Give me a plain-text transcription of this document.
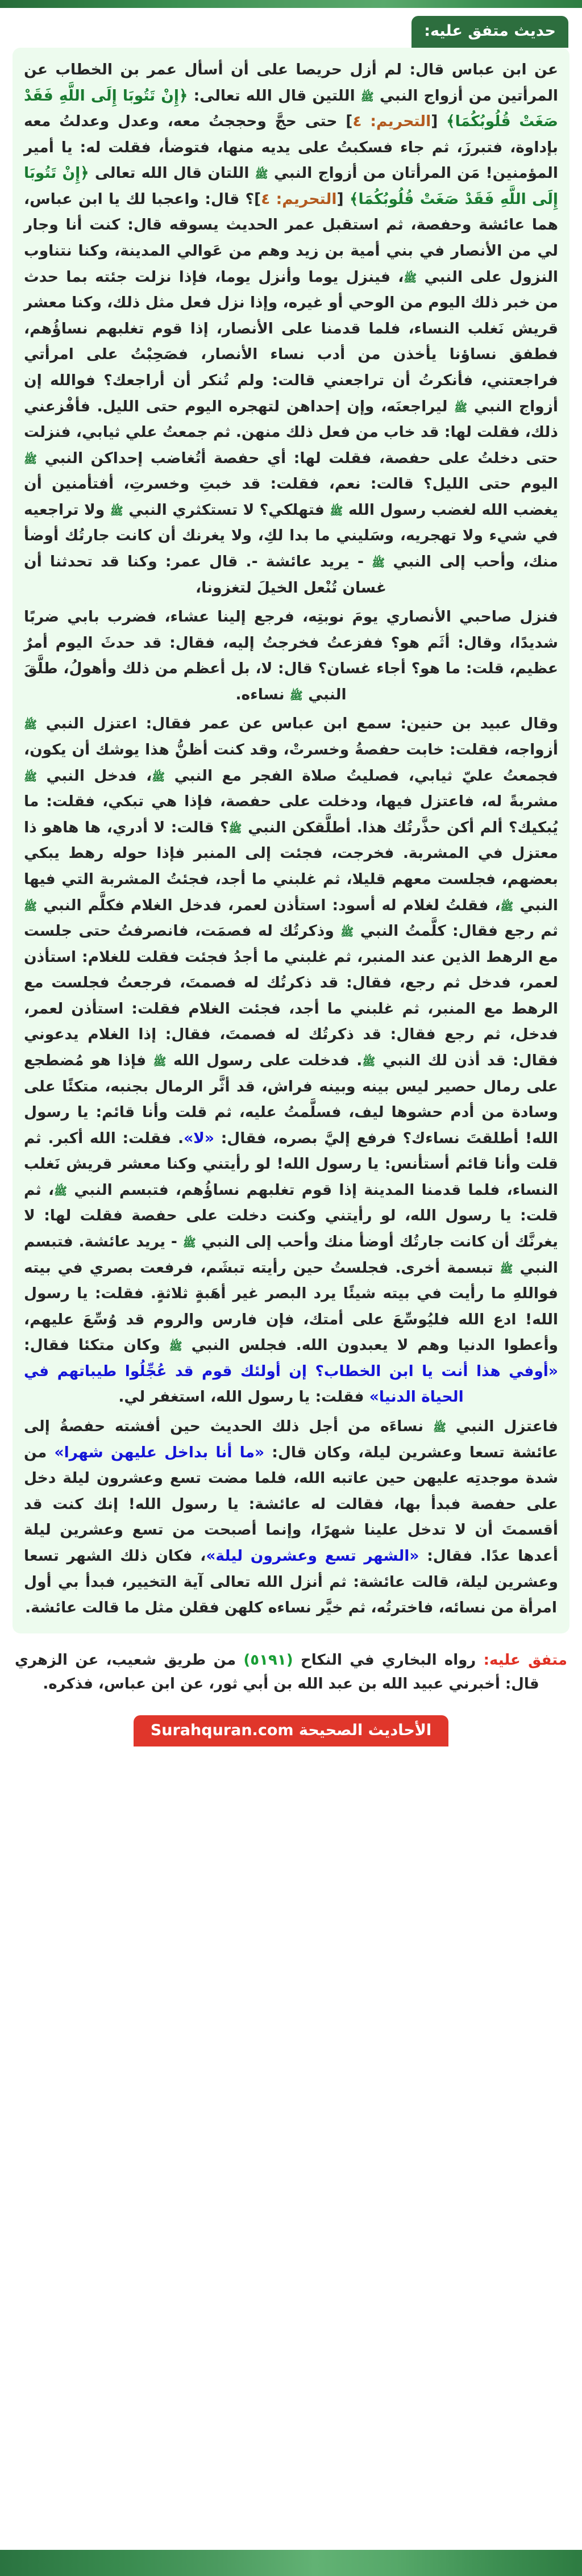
حديث متفق عليه:
عن ابن عباس قال: لم أزل حريصا على أن أسأل عمر بن الخطاب عن المرأتين من أزواج النبي ﷺ اللتين قال الله تعالى: ﴿إِنْ تَتُوبَا إِلَى اللَّهِ فَقَدْ صَغَتْ قُلُوبُكُمَا﴾ [التحريم: ٤] حتى حجَّ وحججتُ معه، وعدل وعدلتُ معه بإداوة، فتبرزَ، ثم جاء فسكبتُ على يديه منها، فتوضأ، فقلت له: يا أمير المؤمنين! مَن المرأتان من أزواج النبي ﷺ اللتان قال الله تعالى ﴿إِنْ تَتُوبَا إِلَى اللَّهِ فَقَدْ صَغَتْ قُلُوبُكُمَا﴾ [التحريم: ٤]؟ قال: واعجبا لك يا ابن عباس، هما عائشة وحفصة، ثم استقبل عمر الحديث يسوقه قال: كنت أنا وجار لي من الأنصار في بني أمية بن زيد وهم من عَوالي المدينة، وكنا نتناوب النزول على النبي ﷺ، فينزل يوما وأنزل يوما، فإذا نزلت جئته بما حدث من خبر ذلك اليوم من الوحي أو غيره، وإذا نزل فعل مثل ذلك، وكنا معشر قريش نَغلب النساء، فلما قدمنا على الأنصار، إذا قوم تغلبهم نساؤُهم، فطفق نساؤنا يأخذن من أدب نساء الأنصار، فصَحِبْتُ على امرأتي فراجعتني، فأنكرتُ أن تراجعني قالت: ولم تُنكر أن أراجعك؟ فوالله إن أزواج النبي ﷺ ليراجعنَه، وإن إحداهن لتهجره اليوم حتى الليل. فأفْزعني ذلك، فقلت لها: قد خاب من فعل ذلك منهن. ثم جمعتُ علي ثيابي، فنزلت حتى دخلتُ على حفصة، فقلت لها: أي حفصة أتُغاضب إحداكن النبي ﷺ اليوم حتى الليل؟ قالت: نعم، فقلت: قد خبتِ وخسرتِ، أفتأمنين أن يغضب الله لغضب رسول الله ﷺ فتهلكي؟ لا تستكثري النبي ﷺ ولا تراجعيه في شيء ولا تهجريه، وسَليني ما بدا لكِ، ولا يغرنك أن كانت جارتُك أوضأ منك، وأحب إلى النبي ﷺ - يريد عائشة -. قال عمر: وكنا قد تحدثنا أن غسان تُنْعل الخيلَ لتغزونا،
فنزل صاحبي الأنصاري يومَ نوبتِه، فرجع إلينا عشاء، فضرب بابي ضربًا شديدًا، وقال: أثَم هو؟ ففزعتُ فخرجتُ إليه، فقال: قد حدثَ اليوم أمرٌ عظيم، قلت: ما هو؟ أجاء غسان؟ قال: لا، بل أعظم من ذلك وأهولُ، طلَّقَ النبي ﷺ نساءه.
وقال عبيد بن حنين: سمع ابن عباس عن عمر فقال: اعتزل النبي ﷺ أزواجه، فقلت: خابت حفصةُ وخسرتْ، وقد كنت أظنُّ هذا يوشك أن يكون، فجمعتُ عليّ ثيابي، فصليتُ صلاة الفجر مع النبي ﷺ، فدخل النبي ﷺ مشربةً له، فاعتزل فيها، ودخلت على حفصة، فإذا هي تبكي، فقلت: ما يُبكيك؟ ألم أكن حذَّرتُك هذا. أطلَّقكن النبي ﷺ؟ قالت: لا أدري، ها هاهو ذا معتزل في المشربة. فخرجت، فجئت إلى المنبر فإذا حوله رهط يبكي بعضهم، فجلست معهم قليلا، ثم غلبني ما أجد، فجئتُ المشربة التي فيها النبي ﷺ، فقلتُ لغلام له أسود: استأذن لعمر، فدخل الغلام فكلَّم النبي ﷺ ثم رجع فقال: كلَّمتُ النبي ﷺ وذكرتُك له فصمَت، فانصرفتُ حتى جلست مع الرهط الذين عند المنبر، ثم غلبني ما أجدُ فجئت فقلت للغلام: استأذن لعمر، فدخل ثم رجع، فقال: قد ذكرتُك له فصمتَ، فرجعتُ فجلست مع الرهط مع المنبر، ثم غلبني ما أجد، فجئت الغلام فقلت: استأذن لعمر، فدخل، ثم رجع فقال: قد ذكرتُك له فصمتَ، فقال: إذا الغلام يدعوني فقال: قد أذن لك النبي ﷺ. فدخلت على رسول الله ﷺ فإذا هو مُضطجع على رمال حصير ليس بينه وبينه فراش، قد أثَّر الرمال بجنبه، متكئًا على وسادة من أدم حشوها ليف، فسلَّمتُ عليه، ثم قلت وأنا قائم: يا رسول الله! أطلقتَ نساءك؟ فرفع إليَّ بصره، فقال: «لا». فقلت: الله أكبر. ثم قلت وأنا قائم أستأنس: يا رسول الله! لو رأيتني وكنا معشر قريش نَغلب النساء، فلما قدمنا المدينة إذا قوم تغلبهم نساؤُهم، فتبسم النبي ﷺ، ثم قلت: يا رسول الله، لو رأيتني وكنت دخلت على حفصة فقلت لها: لا يغرنَّك أن كانت جارتُك أوضأ منك وأحب إلى النبي ﷺ - يريد عائشة. فتبسم النبي ﷺ تبسمة أخرى. فجلستُ حين رأيته تبشَم، فرفعت بصري في بيته فواللهِ ما رأيت في بيته شيئًا يرد البصر غير أهَبةٍ ثلاثةٍ. فقلت: يا رسول الله! ادع الله فليُوسِّعَ على أمتك، فإن فارس والروم قد وُسِّعَ عليهم، وأعطوا الدنيا وهم لا يعبدون الله. فجلس النبي ﷺ وكان متكئا فقال: «أوفي هذا أنت يا ابن الخطاب؟ إن أولئك قوم قد عُجِّلُوا طيباتهم في الحياة الدنيا» فقلت: يا رسول الله، استغفر لي.
فاعتزل النبي ﷺ نساءَه من أجل ذلك الحديث حين أفشته حفصةُ إلى عائشة تسعا وعشرين ليلة، وكان قال: «ما أنا بداخل عليهن شهرا» من شدة موجدتِه عليهن حين عاتبه الله، فلما مضت تسع وعشرون ليلة دخل على حفصة فبدأ بها، فقالت له عائشة: يا رسول الله! إنك كنت قد أقسمتَ أن لا تدخل علينا شهرًا، وإنما أصبحت من تسع وعشرين ليلة أعدها عدًا. فقال: «الشهر تسع وعشرون ليلة»، فكان ذلك الشهر تسعا وعشرين ليلة، قالت عائشة: ثم أنزل الله تعالى آية التخيير، فبدأ بي أول امرأة من نسائه، فاخترتُه، ثم خيَّر نساءه كلهن فقلن مثل ما قالت عائشة.
متفق عليه: رواه البخاري في النكاح (٥١٩١) من طريق شعيب، عن الزهري قال: أخبرني عبيد الله بن عبد الله بن أبي ثور، عن ابن عباس، فذكره.
الأحاديث الصحيحة Surahquran.com
